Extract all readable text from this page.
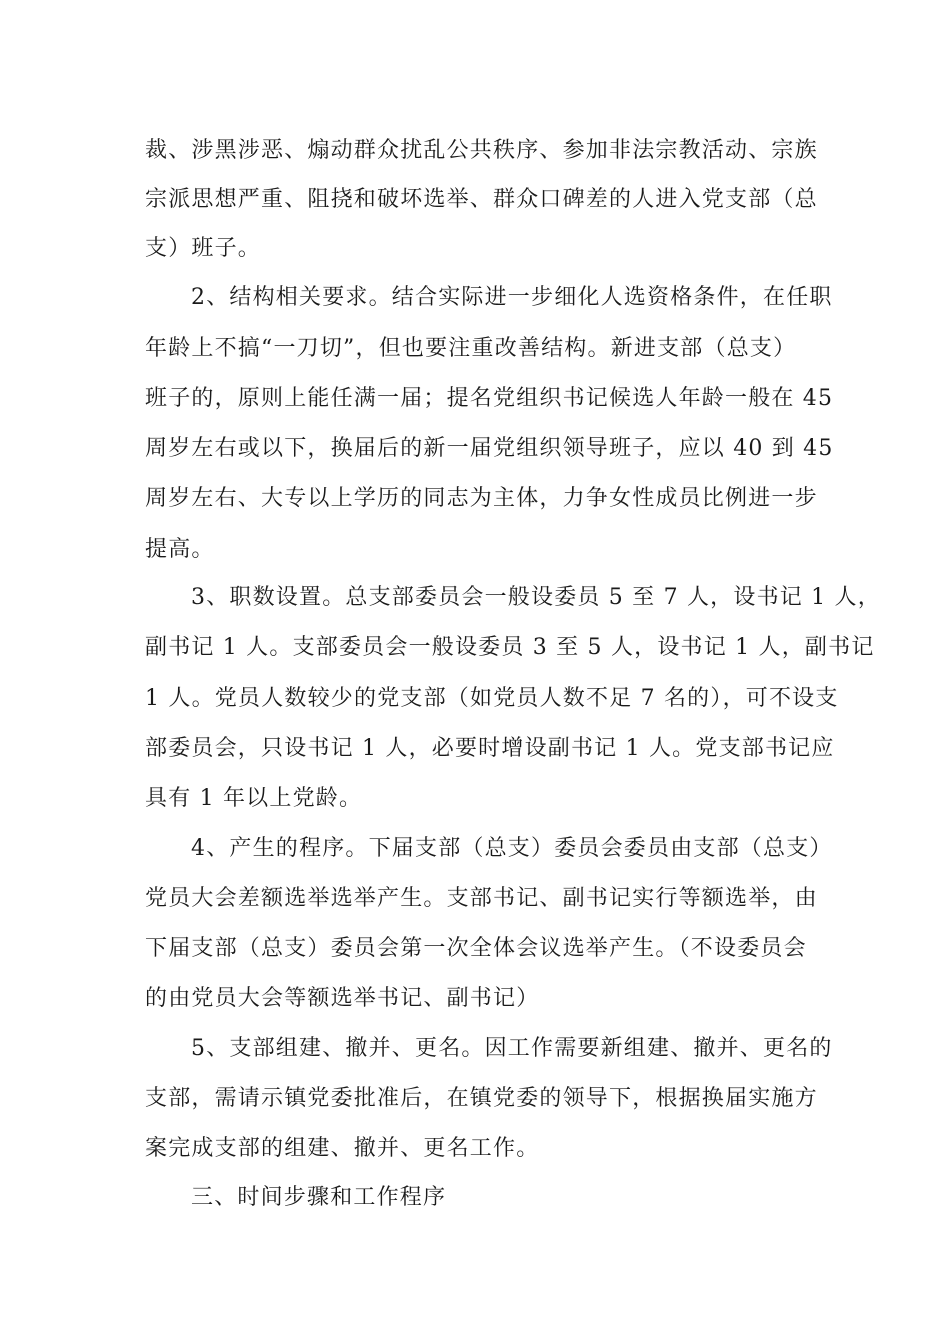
裁、涉黑涉恶、煽动群众扰乱公共秩序、参加非法宗教活动、宗族
宗派思想严重、阻挠和破坏选举、群众口碑差的人进入党支部（总
支）班子。
2、结构相关要求。结合实际进一步细化人选资格条件，在任职
年龄上不搞“一刀切”，但也要注重改善结构。新进支部（总支）
班子的，原则上能任满一届；提名党组织书记候选人年龄一般在 45
周岁左右或以下，换届后的新一届党组织领导班子，应以 40 到 45
周岁左右、大专以上学历的同志为主体，力争女性成员比例进一步
提高。
3、职数设置。总支部委员会一般设委员 5 至 7 人，设书记 1 人，
副书记 1 人。支部委员会一般设委员 3 至 5 人，设书记 1 人，副书记
1 人。党员人数较少的党支部（如党员人数不足 7 名的），可不设支
部委员会，只设书记 1 人，必要时增设副书记 1 人。党支部书记应
具有 1 年以上党龄。
4、产生的程序。下届支部（总支）委员会委员由支部（总支）
党员大会差额选举选举产生。支部书记、副书记实行等额选举，由
下届支部（总支）委员会第一次全体会议选举产生。（不设委员会
的由党员大会等额选举书记、副书记）
5、支部组建、撤并、更名。因工作需要新组建、撤并、更名的
支部，需请示镇党委批准后，在镇党委的领导下，根据换届实施方
案完成支部的组建、撤并、更名工作。
三、时间步骤和工作程序
